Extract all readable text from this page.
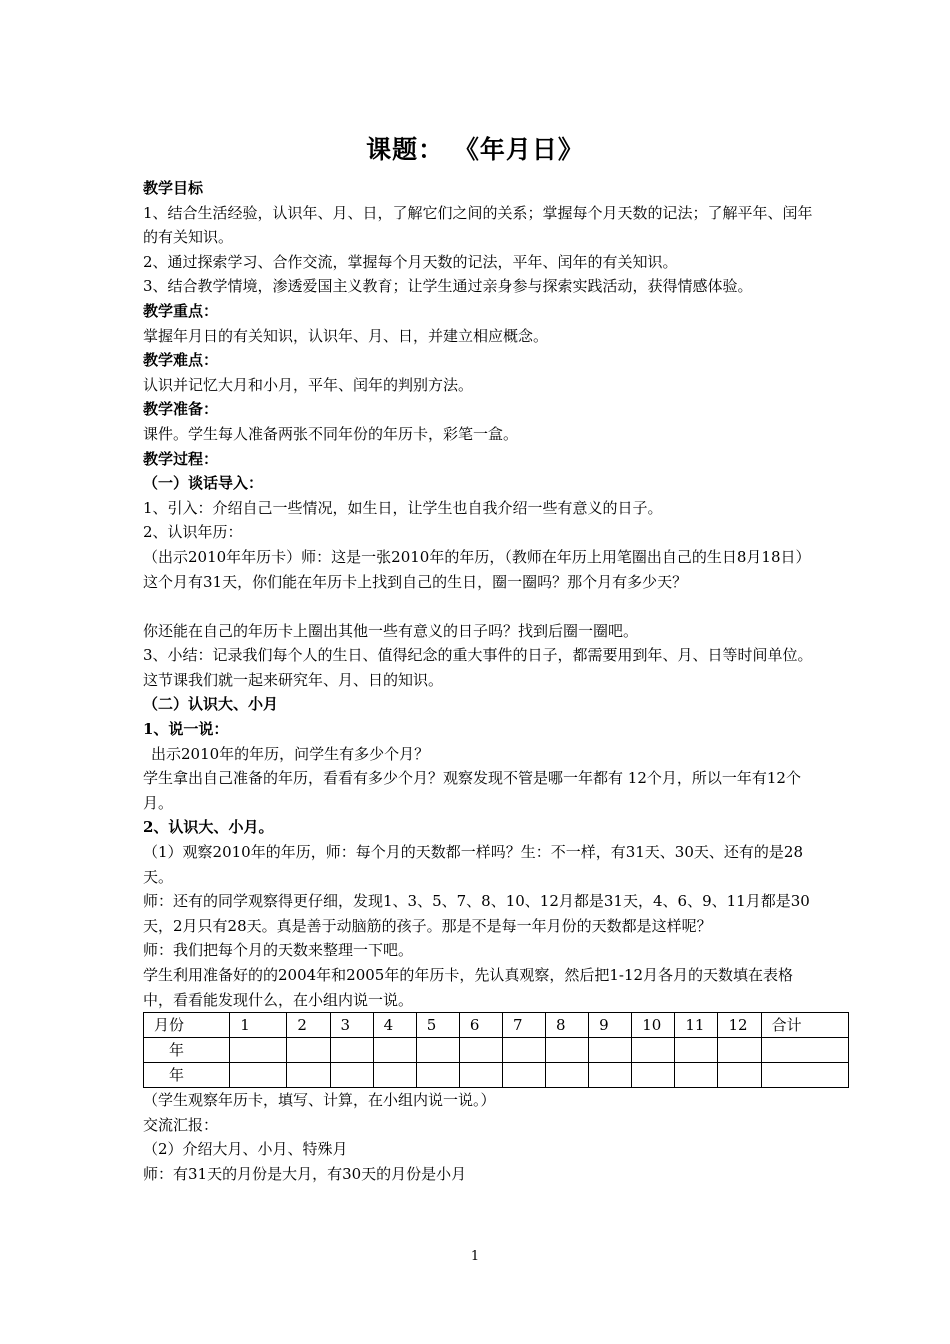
课题： 《年月日》

教学目标

1、结合生活经验，认识年、月、日，了解它们之间的关系；掌握每个月天数的记法；了解平年、闰年的有关知识。

2、通过探索学习、合作交流，掌握每个月天数的记法，平年、闰年的有关知识。

3、结合教学情境，渗透爱国主义教育；让学生通过亲身参与探索实践活动，获得情感体验。

教学重点：

掌握年月日的有关知识，认识年、月、日，并建立相应概念。

教学难点：

认识并记忆大月和小月，平年、闰年的判别方法。

教学准备：

课件。学生每人准备两张不同年份的年历卡，彩笔一盒。

教学过程：

（一）谈话导入：

1、引入：介绍自己一些情况，如生日，让学生也自我介绍一些有意义的日子。

2、认识年历：

（出示2010年年历卡）师：这是一张2010年的年历，（教师在年历上用笔圈出自己的生日8月18日）这个月有31天，你们能在年历卡上找到自己的生日，圈一圈吗？那个月有多少天？

你还能在自己的年历卡上圈出其他一些有意义的日子吗？找到后圈一圈吧。

3、小结：记录我们每个人的生日、值得纪念的重大事件的日子，都需要用到年、月、日等时间单位。这节课我们就一起来研究年、月、日的知识。

（二）认识大、小月

1、说一说：

出示2010年的年历，问学生有多少个月？

学生拿出自己准备的年历，看看有多少个月？观察发现不管是哪一年都有 12个月，所以一年有12个月。

2、认识大、小月。

（1）观察2010年的年历，师：每个月的天数都一样吗？生：不一样，有31天、30天、还有的是28天。

师：还有的同学观察得更仔细，发现1、3、5、7、8、10、12月都是31天，4、6、9、11月都是30天，2月只有28天。真是善于动脑筋的孩子。那是不是每一年月份的天数都是这样呢？

师：我们把每个月的天数来整理一下吧。

学生利用准备好的的2004年和2005年的年历卡，先认真观察，然后把1-12月各月的天数填在表格中，看看能发现什么，在小组内说一说。

月份	1	2	3	4	5	6	7	8	9	10	11	12	合计
年													
年													

（学生观察年历卡，填写、计算，在小组内说一说。）

交流汇报：

（2）介绍大月、小月、特殊月

师：有31天的月份是大月，有30天的月份是小月

1
